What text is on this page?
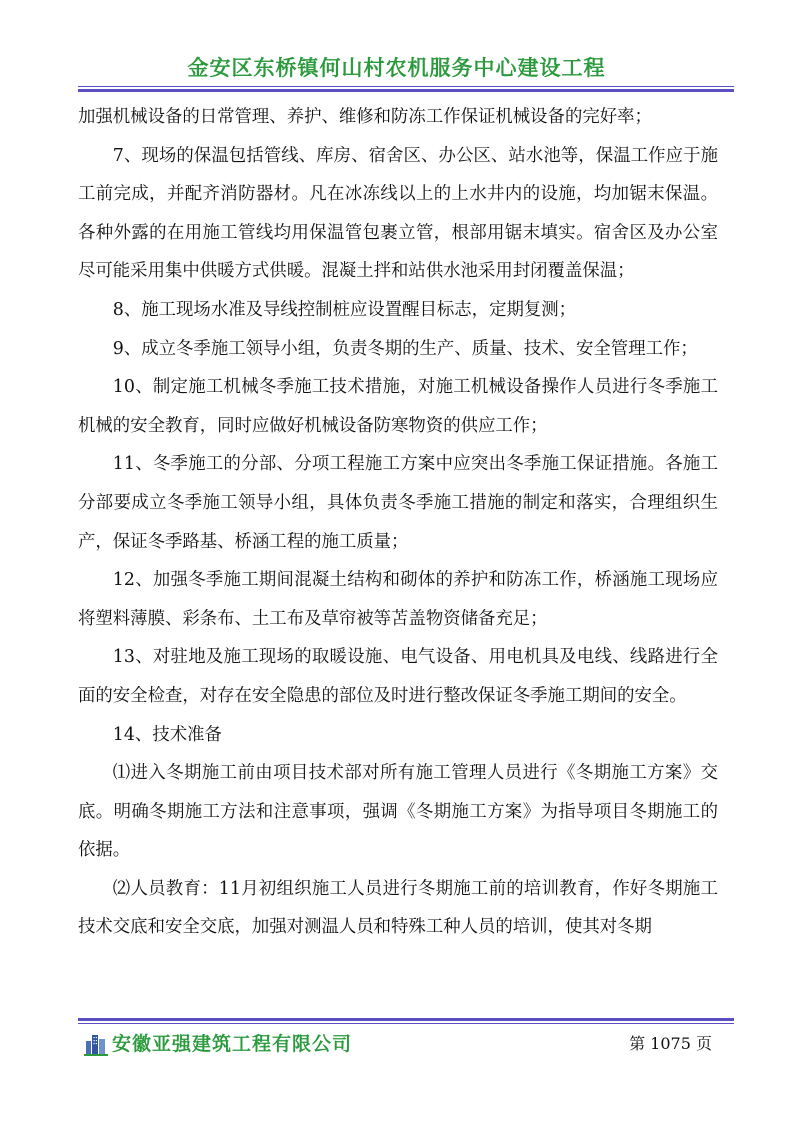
金安区东桥镇何山村农机服务中心建设工程

加强机械设备的日常管理、养护、维修和防冻工作保证机械设备的完好率；

7、现场的保温包括管线、库房、宿舍区、办公区、站水池等，保温工作应于施工前完成，并配齐消防器材。凡在冰冻线以上的上水井内的设施，均加锯末保温。各种外露的在用施工管线均用保温管包裹立管，根部用锯末填实。宿舍区及办公室尽可能采用集中供暖方式供暖。混凝土拌和站供水池采用封闭覆盖保温；

8、施工现场水准及导线控制桩应设置醒目标志，定期复测；

9、成立冬季施工领导小组，负责冬期的生产、质量、技术、安全管理工作；

10、制定施工机械冬季施工技术措施，对施工机械设备操作人员进行冬季施工机械的安全教育，同时应做好机械设备防寒物资的供应工作；

11、冬季施工的分部、分项工程施工方案中应突出冬季施工保证措施。各施工分部要成立冬季施工领导小组，具体负责冬季施工措施的制定和落实，合理组织生产，保证冬季路基、桥涵工程的施工质量；

12、加强冬季施工期间混凝土结构和砌体的养护和防冻工作，桥涵施工现场应将塑料薄膜、彩条布、土工布及草帘被等苫盖物资储备充足；

13、对驻地及施工现场的取暖设施、电气设备、用电机具及电线、线路进行全面的安全检查，对存在安全隐患的部位及时进行整改保证冬季施工期间的安全。

14、技术准备

⑴进入冬期施工前由项目技术部对所有施工管理人员进行《冬期施工方案》交底。明确冬期施工方法和注意事项，强调《冬期施工方案》为指导项目冬期施工的依据。

⑵人员教育：11月初组织施工人员进行冬期施工前的培训教育，作好冬期施工技术交底和安全交底，加强对测温人员和特殊工种人员的培训，使其对冬期

安徽亚强建筑工程有限公司	第 1075 页
